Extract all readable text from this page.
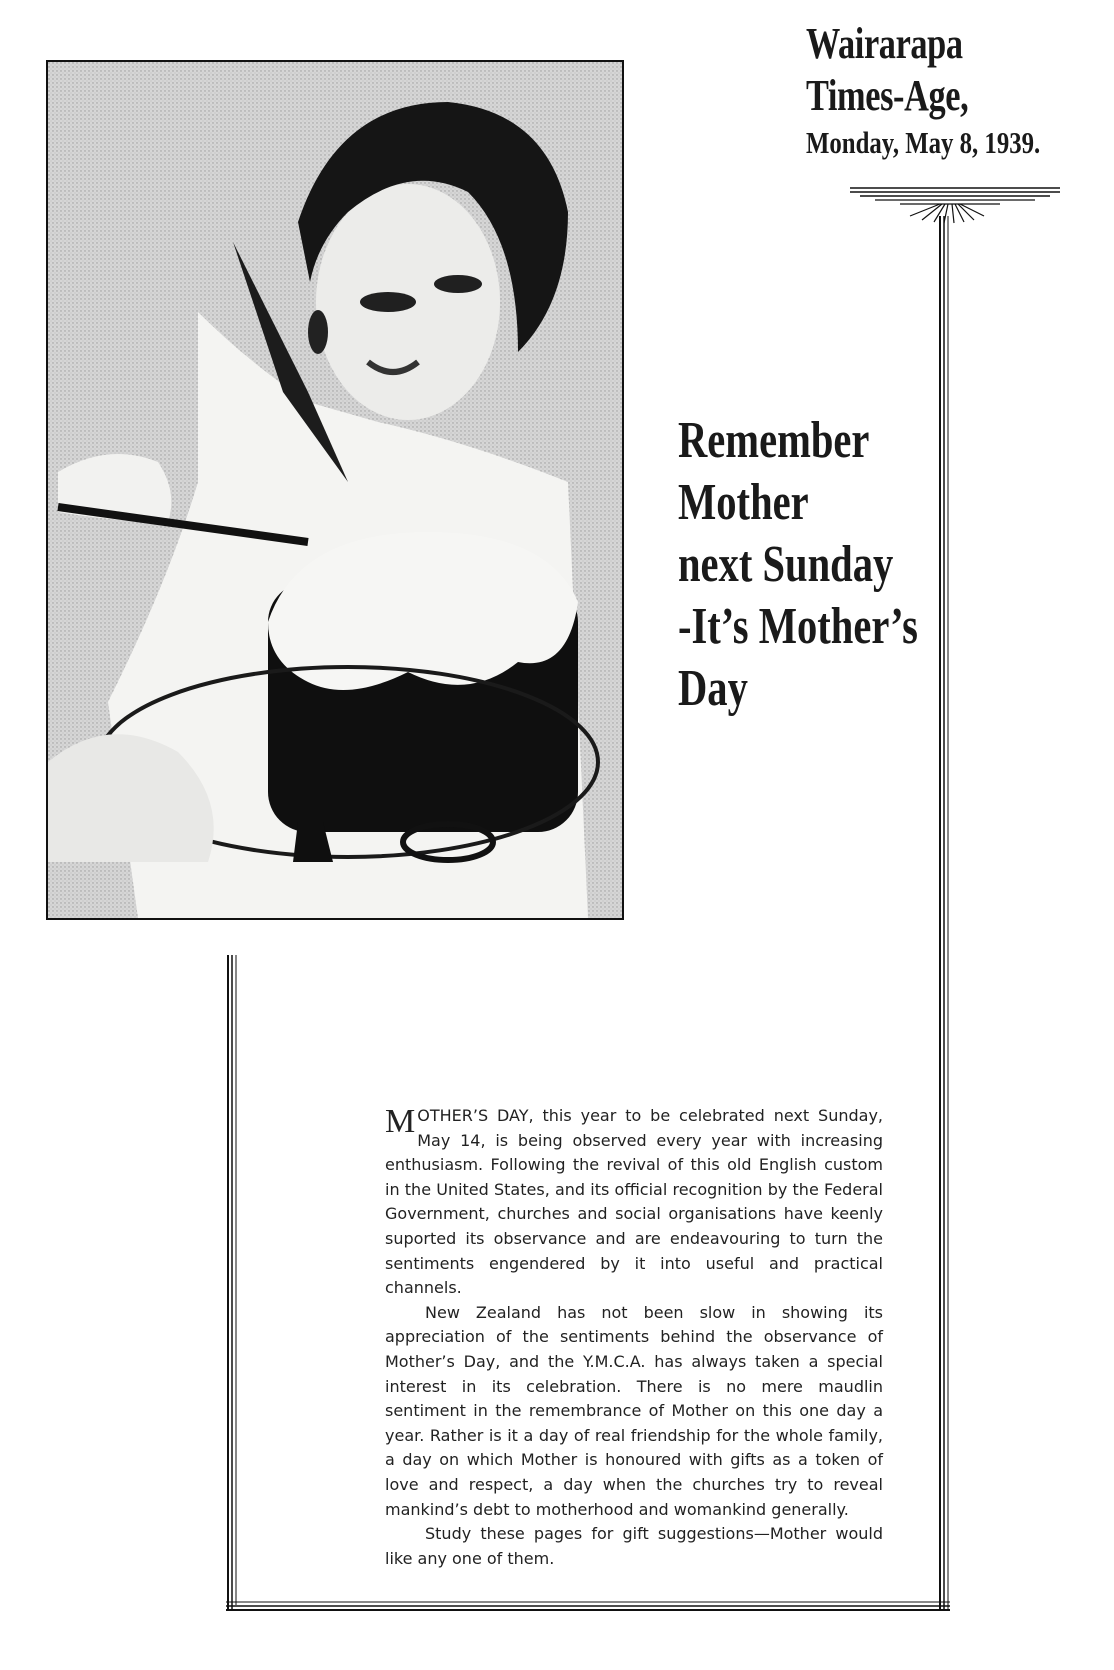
Wairarapa
Times-Age,
Monday, May 8, 1939.
Remember
Mother
next Sunday
-It’s Mother’s
Day

MOTHER’S DAY, this year to be celebrated next Sunday, May 14, is being observed every year with increasing enthusiasm. Following the revival of this old English custom in the United States, and its official recognition by the Federal Government, churches and social organisations have keenly suported its observance and are endeavouring to turn the sentiments engendered by it into useful and practical channels.

New Zealand has not been slow in showing its appreciation of the sentiments behind the observance of Mother’s Day, and the Y.M.C.A. has always taken a special interest in its celebration. There is no mere maudlin sentiment in the remembrance of Mother on this one day a year. Rather is it a day of real friendship for the whole family, a day on which Mother is honoured with gifts as a token of love and respect, a day when the churches try to reveal mankind’s debt to motherhood and womankind generally.

Study these pages for gift suggestions—Mother would like any one of them.
